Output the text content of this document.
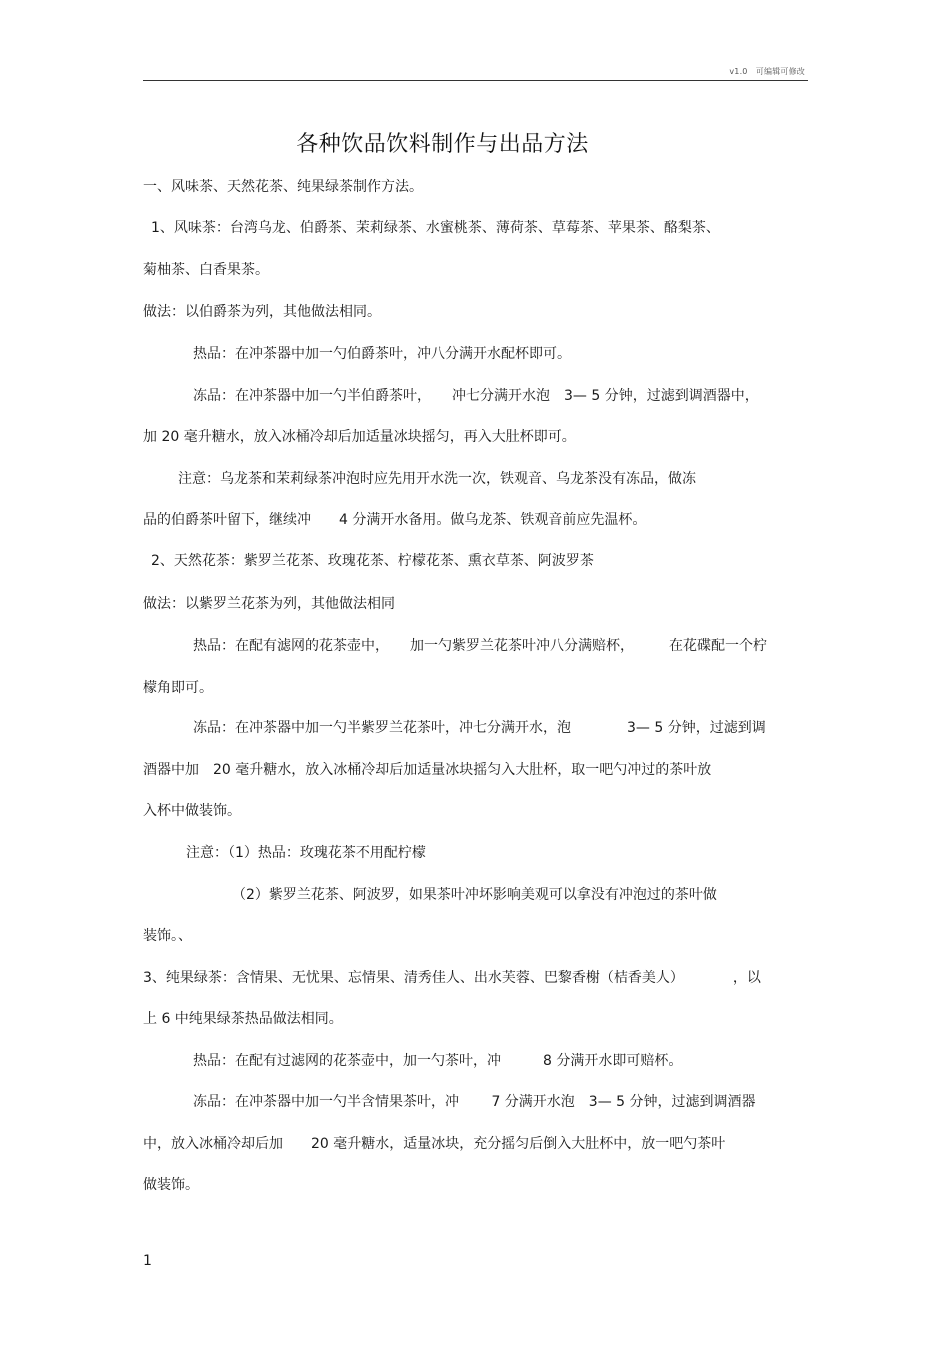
v1.0　可编辑可修改
各种饮品饮料制作与出品方法
一、风味茶、天然花茶、纯果绿茶制作方法。
1、风味茶：台湾乌龙、伯爵茶、茉莉绿茶、水蜜桃茶、薄荷茶、草莓茶、苹果茶、酪梨茶、
菊柚茶、白香果茶。
做法：以伯爵茶为列，其他做法相同。
热品：在冲茶器中加一勺伯爵茶叶，冲八分满开水配杯即可。
冻品：在冲茶器中加一勺半伯爵茶叶，　　冲七分满开水泡　3— 5 分钟，过滤到调酒器中，
加 20 毫升糖水，放入冰桶冷却后加适量冰块摇匀，再入大肚杯即可。
注意：乌龙茶和茉莉绿茶冲泡时应先用开水洗一次，铁观音、乌龙茶没有冻品，做冻
品的伯爵茶叶留下，继续冲　　4 分满开水备用。做乌龙茶、铁观音前应先温杯。
2、天然花茶：紫罗兰花茶、玫瑰花茶、柠檬花茶、熏衣草茶、阿波罗茶
做法：以紫罗兰花茶为列，其他做法相同
热品：在配有滤网的花茶壶中，　　加一勺紫罗兰花茶叶冲八分满赔杯，　　　在花碟配一个柠
檬角即可。
冻品：在冲茶器中加一勺半紫罗兰花茶叶，冲七分满开水，泡　　　　3— 5 分钟，过滤到调
酒器中加　20 毫升糖水，放入冰桶冷却后加适量冰块摇匀入大肚杯，取一吧勺冲过的茶叶放
入杯中做装饰。
注意：（1）热品：玫瑰花茶不用配柠檬
（2）紫罗兰花茶、阿波罗，如果茶叶冲坏影响美观可以拿没有冲泡过的茶叶做
装饰。、
3、纯果绿茶：含情果、无忧果、忘情果、清秀佳人、出水芙蓉、巴黎香榭（桔香美人）　　　　，以
上 6 中纯果绿茶热品做法相同。
热品：在配有过滤网的花茶壶中，加一勺茶叶，冲　　　8 分满开水即可赔杯。
冻品：在冲茶器中加一勺半含情果茶叶，冲　　 7 分满开水泡　3— 5 分钟，过滤到调酒器
中，放入冰桶冷却后加　　20 毫升糖水，适量冰块，充分摇匀后倒入大肚杯中，放一吧勺茶叶
做装饰。
1
